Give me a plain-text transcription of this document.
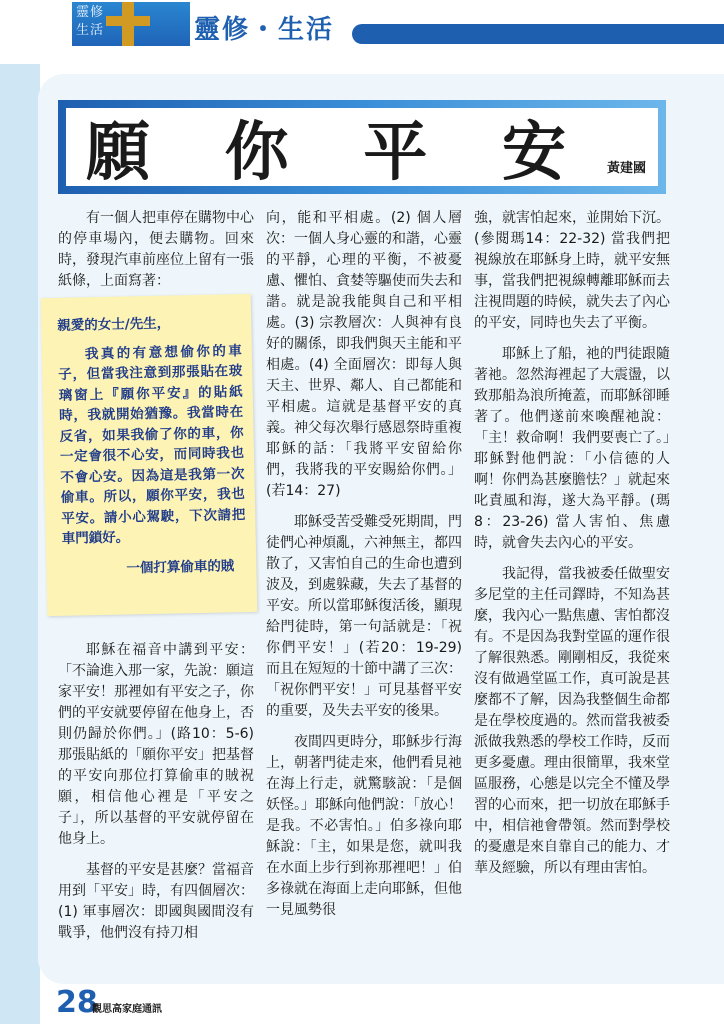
靈修
生活	靈修・生活
願 你 平 安	黃建國

有一個人把車停在購物中心的停車場內，便去購物。回來時，發現汽車前座位上留有一張紙條，上面寫著：

親愛的女士/先生，

我真的有意想偷你的車子，但當我注意到那張貼在玻璃窗上『願你平安』的貼紙時，我就開始猶豫。我當時在反省，如果我偷了你的車，你一定會很不心安，而同時我也不會心安。因為這是我第一次偷車。所以，願你平安，我也平安。請小心駕駛，下次請把車門鎖好。

一個打算偷車的賊

耶穌在福音中講到平安：「不論進入那一家，先說：願這家平安！那裡如有平安之子，你們的平安就要停留在他身上，否則仍歸於你們。」(路10：5-6) 那張貼紙的「願你平安」把基督的平安向那位打算偷車的賊祝願，相信他心裡是「平安之子」，所以基督的平安就停留在他身上。

基督的平安是甚麼？當福音用到「平安」時，有四個層次：(1) 軍事層次：即國與國間沒有戰爭，他們沒有持刀相

向，能和平相處。(2) 個人層次：一個人身心靈的和諧，心靈的平靜，心理的平衡，不被憂慮、懼怕、貪婪等驅使而失去和諧。就是說我能與自己和平相處。(3) 宗教層次：人與神有良好的關係，即我們與天主能和平相處。(4) 全面層次：即每人與天主、世界、鄰人、自己都能和平相處。這就是基督平安的真義。神父每次舉行感恩祭時重複耶穌的話：「我將平安留給你們，我將我的平安賜給你們。」(若14：27)

耶穌受苦受難受死期間，門徒們心神煩亂，六神無主，都四散了，又害怕自己的生命也遭到波及，到處躲藏，失去了基督的平安。所以當耶穌復活後，顯現給門徒時，第一句話就是：「祝你們平安！」(若20：19-29) 而且在短短的十節中講了三次：「祝你們平安！」可見基督平安的重要，及失去平安的後果。

夜間四更時分，耶穌步行海上，朝著門徒走來，他們看見祂在海上行走，就驚駭說：「是個妖怪。」耶穌向他們說：「放心！是我。不必害怕。」伯多祿向耶穌說：「主，如果是您，就叫我在水面上步行到祢那裡吧！」伯多祿就在海面上走向耶穌，但他一見風勢很

強，就害怕起來，並開始下沉。(參閱瑪14：22-32) 當我們把視線放在耶穌身上時，就平安無事，當我們把視線轉離耶穌而去注視問題的時候，就失去了內心的平安，同時也失去了平衡。

耶穌上了船，祂的門徒跟隨著祂。忽然海裡起了大震盪，以致那船為浪所掩蓋，而耶穌卻睡著了。他們遂前來喚醒祂說：「主！救命啊！我們要喪亡了。」耶穌對他們說：「小信德的人啊！你們為甚麼膽怯？」就起來叱責風和海，遂大為平靜。(瑪8：23-26) 當人害怕、焦慮時，就會失去內心的平安。

我記得，當我被委任做聖安多尼堂的主任司鐸時，不知為甚麼，我內心一點焦慮、害怕都沒有。不是因為我對堂區的運作很了解很熟悉。剛剛相反，我從來沒有做過堂區工作，真可說是甚麼都不了解，因為我整個生命都是在學校度過的。然而當我被委派做我熟悉的學校工作時，反而更多憂慮。理由很簡單，我來堂區服務，心態是以完全不懂及學習的心而來，把一切放在耶穌手中，相信祂會帶領。然而對學校的憂慮是來自靠自己的能力、才華及經驗，所以有理由害怕。

28
觀思高家庭通訊
